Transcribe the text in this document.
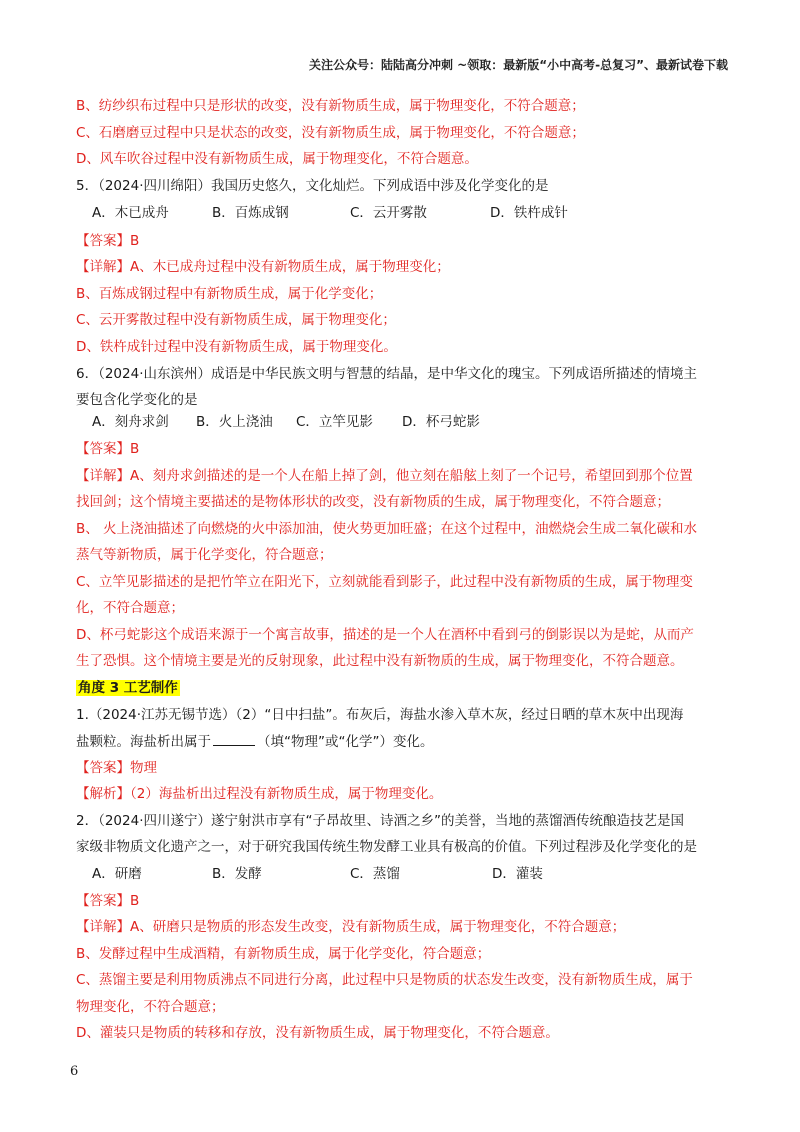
关注公众号：陆陆高分冲刺 ~领取：最新版“小中高考-总复习”、最新试卷下载
B、纺纱织布过程中只是形状的改变，没有新物质生成，属于物理变化，不符合题意；
C、石磨磨豆过程中只是状态的改变，没有新物质生成，属于物理变化，不符合题意；
D、风车吹谷过程中没有新物质生成，属于物理变化，不符合题意。
5．（2024·四川绵阳）我国历史悠久，文化灿烂。下列成语中涉及化学变化的是
A．木已成舟	B．百炼成钢	C．云开雾散	D．铁杵成针
【答案】B
【详解】A、木已成舟过程中没有新物质生成，属于物理变化；
B、百炼成钢过程中有新物质生成，属于化学变化；
C、云开雾散过程中没有新物质生成，属于物理变化；
D、铁杵成针过程中没有新物质生成，属于物理变化。
6．（2024·山东滨州）成语是中华民族文明与智慧的结晶，是中华文化的瑰宝。下列成语所描述的情境主
要包含化学变化的是
A．刻舟求剑 B．火上浇油 C．立竿见影 D．杯弓蛇影
【答案】B
【详解】A、刻舟求剑描述的是一个人在船上掉了剑，他立刻在船舷上刻了一个记号，希望回到那个位置
找回剑；这个情境主要描述的是物体形状的改变，没有新物质的生成，属于物理变化，不符合题意；
B、 火上浇油描述了向燃烧的火中添加油，使火势更加旺盛；在这个过程中，油燃烧会生成二氧化碳和水
蒸气等新物质，属于化学变化，符合题意；
C、立竿见影描述的是把竹竿立在阳光下，立刻就能看到影子，此过程中没有新物质的生成，属于物理变
化，不符合题意；
D、杯弓蛇影这个成语来源于一个寓言故事，描述的是一个人在酒杯中看到弓的倒影误以为是蛇，从而产
生了恐惧。这个情境主要是光的反射现象，此过程中没有新物质的生成，属于物理变化，不符合题意。
角度 3 工艺制作
1.（2024·江苏无锡节选）（2）“日中扫盐”。布灰后，海盐水渗入草木灰，经过日晒的草木灰中出现海
盐颗粒。海盐析出属于	（填“物理”或“化学”）变化。
【答案】物理
【解析】（2）海盐析出过程没有新物质生成，属于物理变化。
2．（2024·四川遂宁）遂宁射洪市享有“子昂故里、诗酒之乡”的美誉，当地的蒸馏酒传统酿造技艺是国
家级非物质文化遗产之一，对于研究我国传统生物发酵工业具有极高的价值。下列过程涉及化学变化的是
A．研磨	B．发酵	C．蒸馏	D．灌装
【答案】B
【详解】A、研磨只是物质的形态发生改变，没有新物质生成，属于物理变化，不符合题意；
B、发酵过程中生成酒精，有新物质生成，属于化学变化，符合题意；
C、蒸馏主要是利用物质沸点不同进行分离，此过程中只是物质的状态发生改变，没有新物质生成，属于
物理变化，不符合题意；
D、灌装只是物质的转移和存放，没有新物质生成，属于物理变化，不符合题意。
6
